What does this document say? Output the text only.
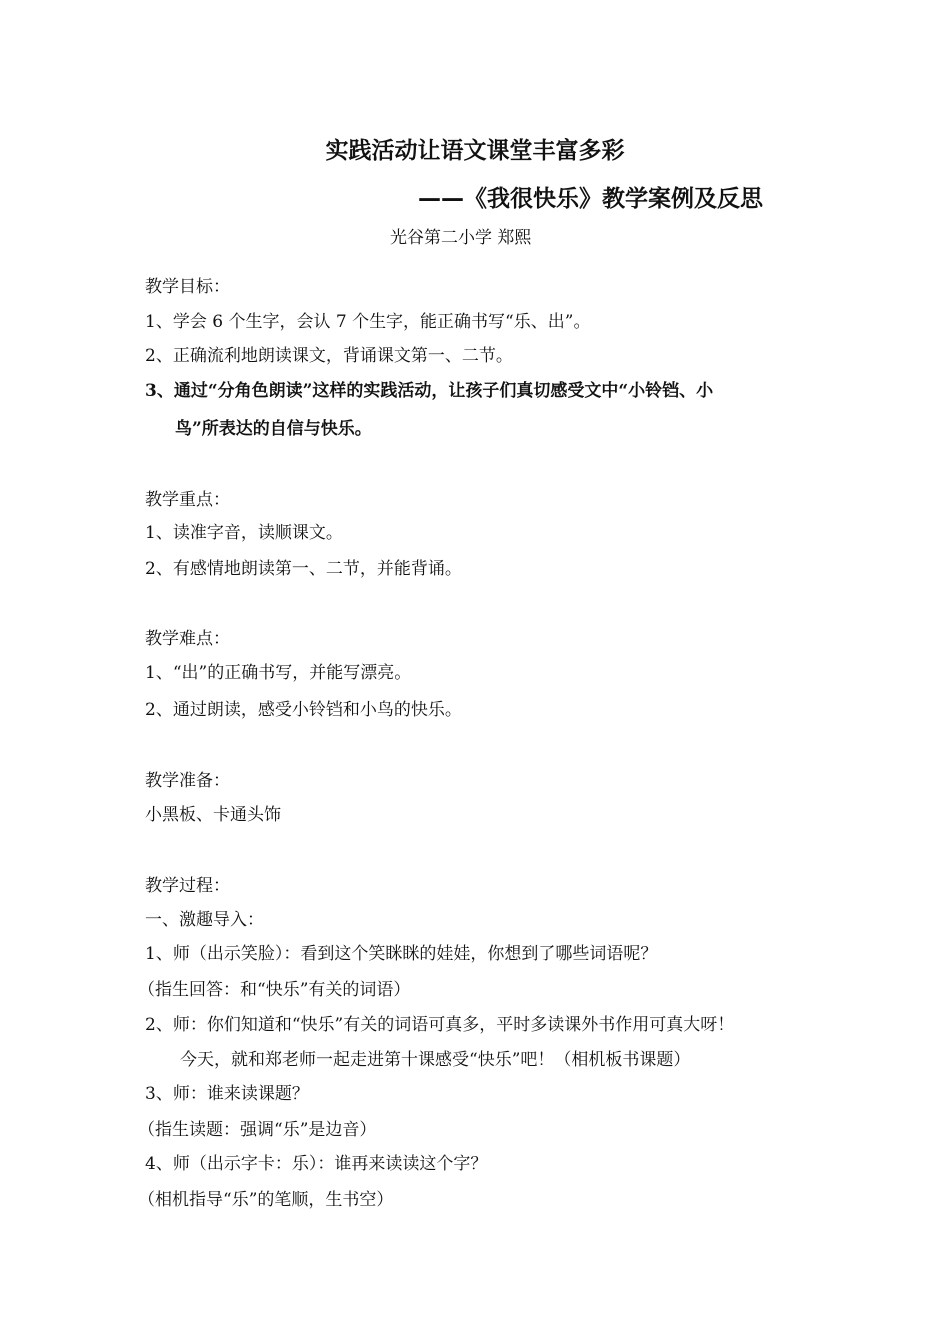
实践活动让语文课堂丰富多彩
——《我很快乐》教学案例及反思

光谷第二小学 郑熙

教学目标：

1、学会 6 个生字，会认 7 个生字，能正确书写“乐、出”。

2、正确流利地朗读课文，背诵课文第一、二节。

3、通过“分角色朗读”这样的实践活动，让孩子们真切感受文中“小铃铛、小

鸟”所表达的自信与快乐。

教学重点：

1、读准字音，读顺课文。

2、有感情地朗读第一、二节，并能背诵。

教学难点：

1、“出”的正确书写，并能写漂亮。

2、通过朗读，感受小铃铛和小鸟的快乐。

教学准备：

小黑板、卡通头饰

教学过程：

一、激趣导入：

1、师（出示笑脸）：看到这个笑眯眯的娃娃，你想到了哪些词语呢？

（指生回答：和“快乐”有关的词语）

2、师：你们知道和“快乐”有关的词语可真多，平时多读课外书作用可真大呀！

今天，就和郑老师一起走进第十课感受“快乐”吧！（相机板书课题）

3、师：谁来读课题？

（指生读题：强调“乐”是边音）

4、师（出示字卡：乐）：谁再来读读这个字？

（相机指导“乐”的笔顺，生书空）
